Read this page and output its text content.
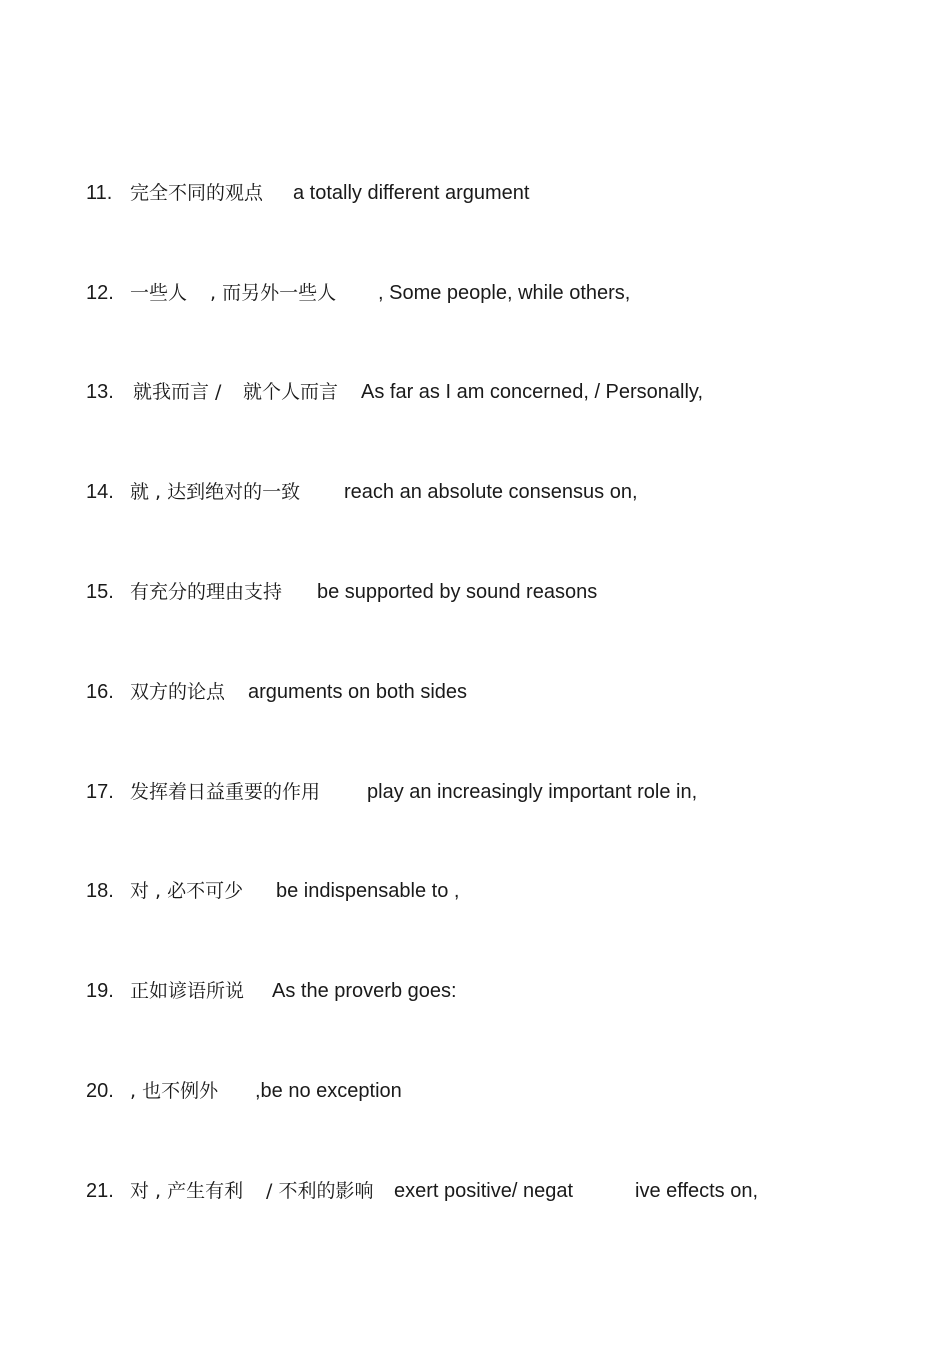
11. 完全不同的观点 a totally different argument
12. 一些人 , 而另外一些人 , Some people, while others,
13. 就我而言 / 就个人而言 As far as I am concerned, / Personally,
14. 就 , 达到绝对的一致 reach an absolute consensus on,
15. 有充分的理由支持 be supported by sound reasons
16. 双方的论点 arguments on both sides
17. 发挥着日益重要的作用 play an increasingly important role in,
18. 对 , 必不可少 be indispensable to ,
19. 正如谚语所说 As the proverb goes:
20. , 也不例外 ,be no exception
21. 对 , 产生有利 / 不利的影响 exert positive/ negat	ive effects on,
